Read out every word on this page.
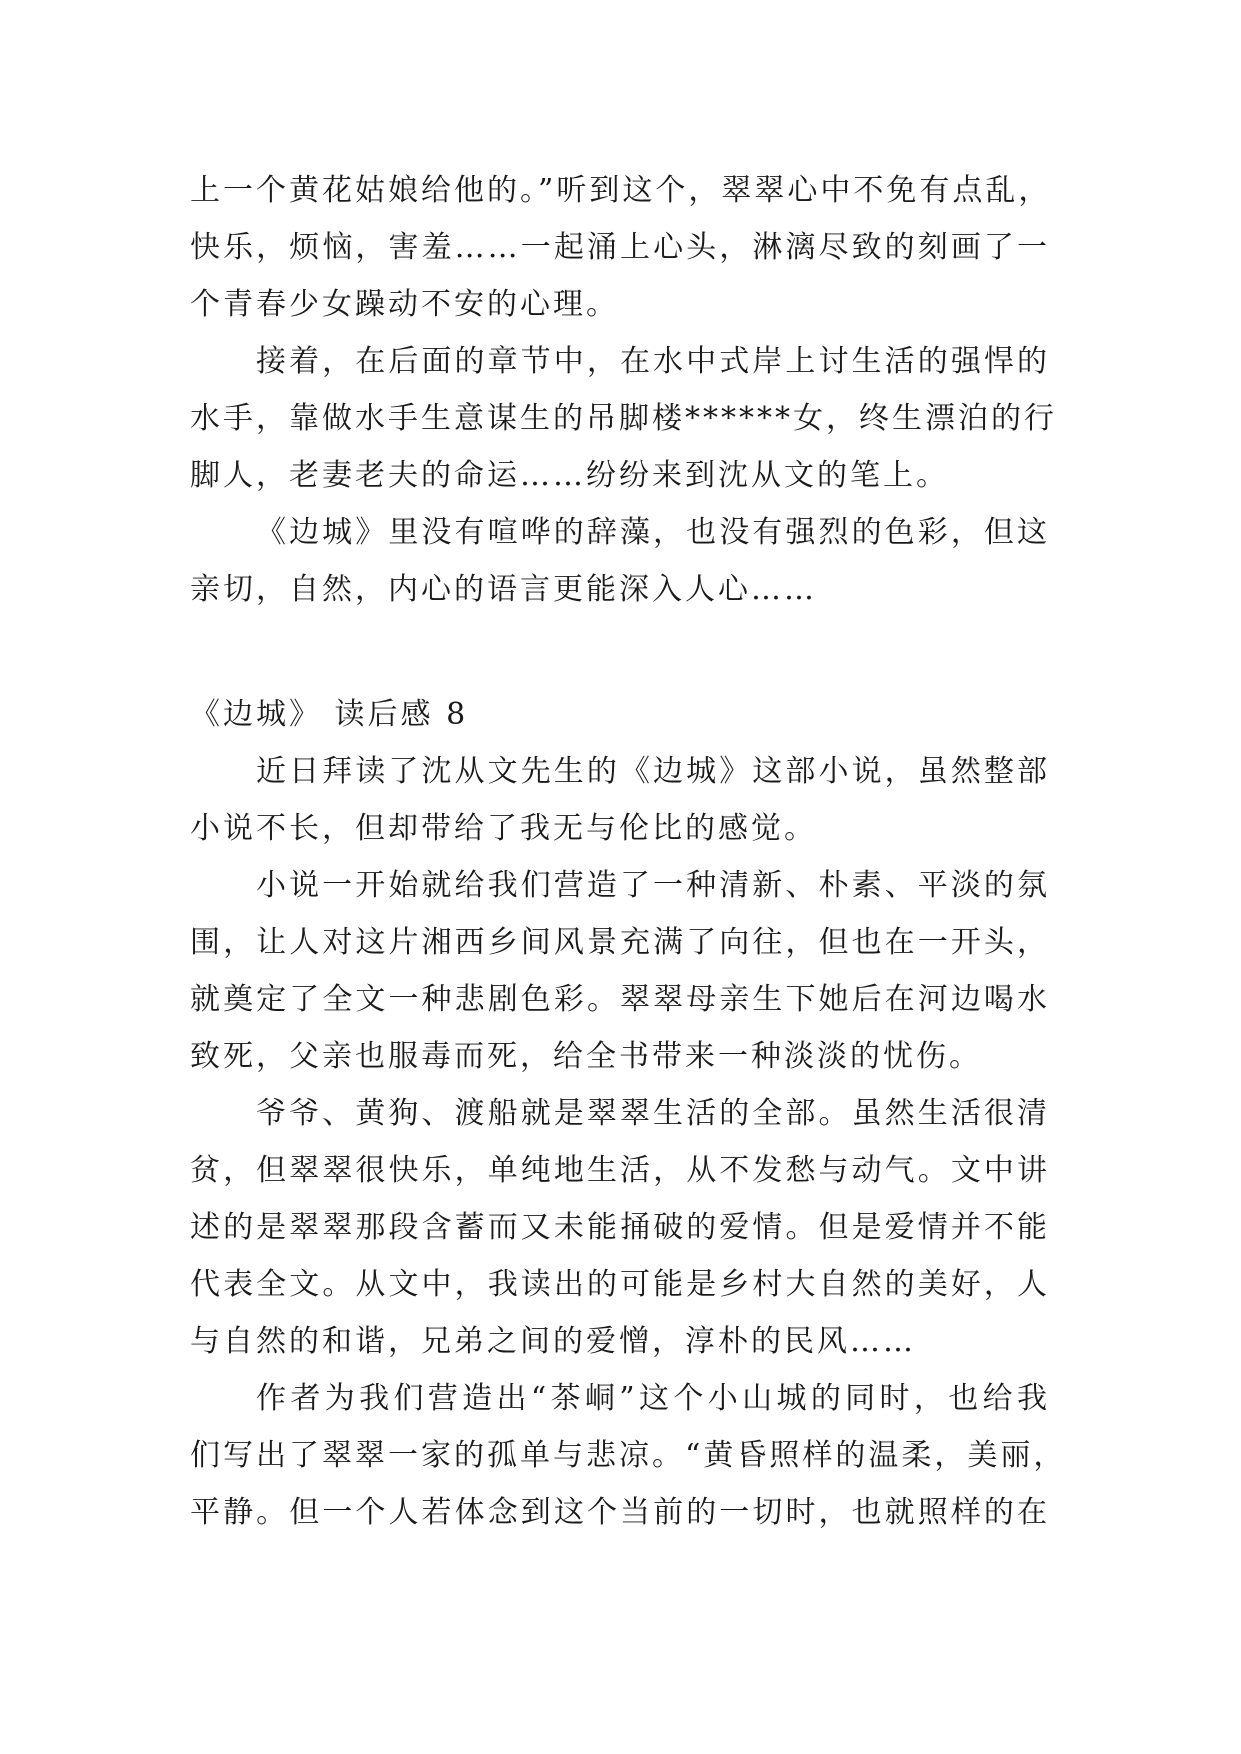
上一个黄花姑娘给他的。”听到这个，翠翠心中不免有点乱，
快乐，烦恼，害羞……一起涌上心头，淋漓尽致的刻画了一
个青春少女躁动不安的心理。
接着，在后面的章节中，在水中式岸上讨生活的强悍的
水手，靠做水手生意谋生的吊脚楼******女，终生漂泊的行
脚人，老妻老夫的命运……纷纷来到沈从文的笔上。
《边城》里没有喧哗的辞藻，也没有强烈的色彩，但这
亲切，自然，内心的语言更能深入人心……
《边城》 读后感 8
近日拜读了沈从文先生的《边城》这部小说，虽然整部
小说不长，但却带给了我无与伦比的感觉。
小说一开始就给我们营造了一种清新、朴素、平淡的氛
围，让人对这片湘西乡间风景充满了向往，但也在一开头，
就奠定了全文一种悲剧色彩。翠翠母亲生下她后在河边喝水
致死，父亲也服毒而死，给全书带来一种淡淡的忧伤。
爷爷、黄狗、渡船就是翠翠生活的全部。虽然生活很清
贫，但翠翠很快乐，单纯地生活，从不发愁与动气。文中讲
述的是翠翠那段含蓄而又未能捅破的爱情。但是爱情并不能
代表全文。从文中，我读出的可能是乡村大自然的美好，人
与自然的和谐，兄弟之间的爱憎，淳朴的民风……
作者为我们营造出“茶峒”这个小山城的同时，也给我
们写出了翠翠一家的孤单与悲凉。“黄昏照样的温柔，美丽，
平静。但一个人若体念到这个当前的一切时，也就照样的在
